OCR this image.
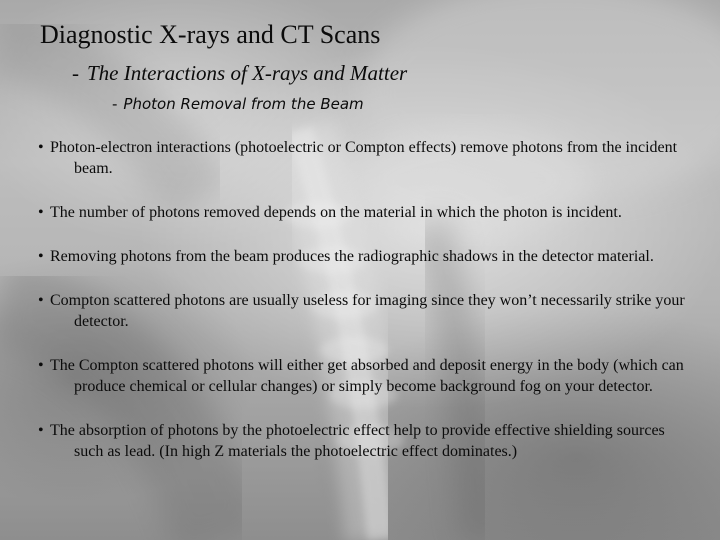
Diagnostic X-rays and CT Scans
- The Interactions of X-rays and Matter
- Photon Removal from the Beam
• Photon-electron interactions (photoelectric or Compton effects) remove photons from the incident beam.
• The number of photons removed depends on the material in which the photon is incident.
• Removing photons from the beam produces the radiographic shadows in the detector material.
• Compton scattered photons are usually useless for imaging since they won’t necessarily strike your detector.
• The Compton scattered photons will either get absorbed and deposit energy in the body (which can produce chemical or cellular changes) or simply become background fog on your detector.
• The absorption of photons by the photoelectric effect help to provide effective shielding sources such as lead. (In high Z materials the photoelectric effect dominates.)
